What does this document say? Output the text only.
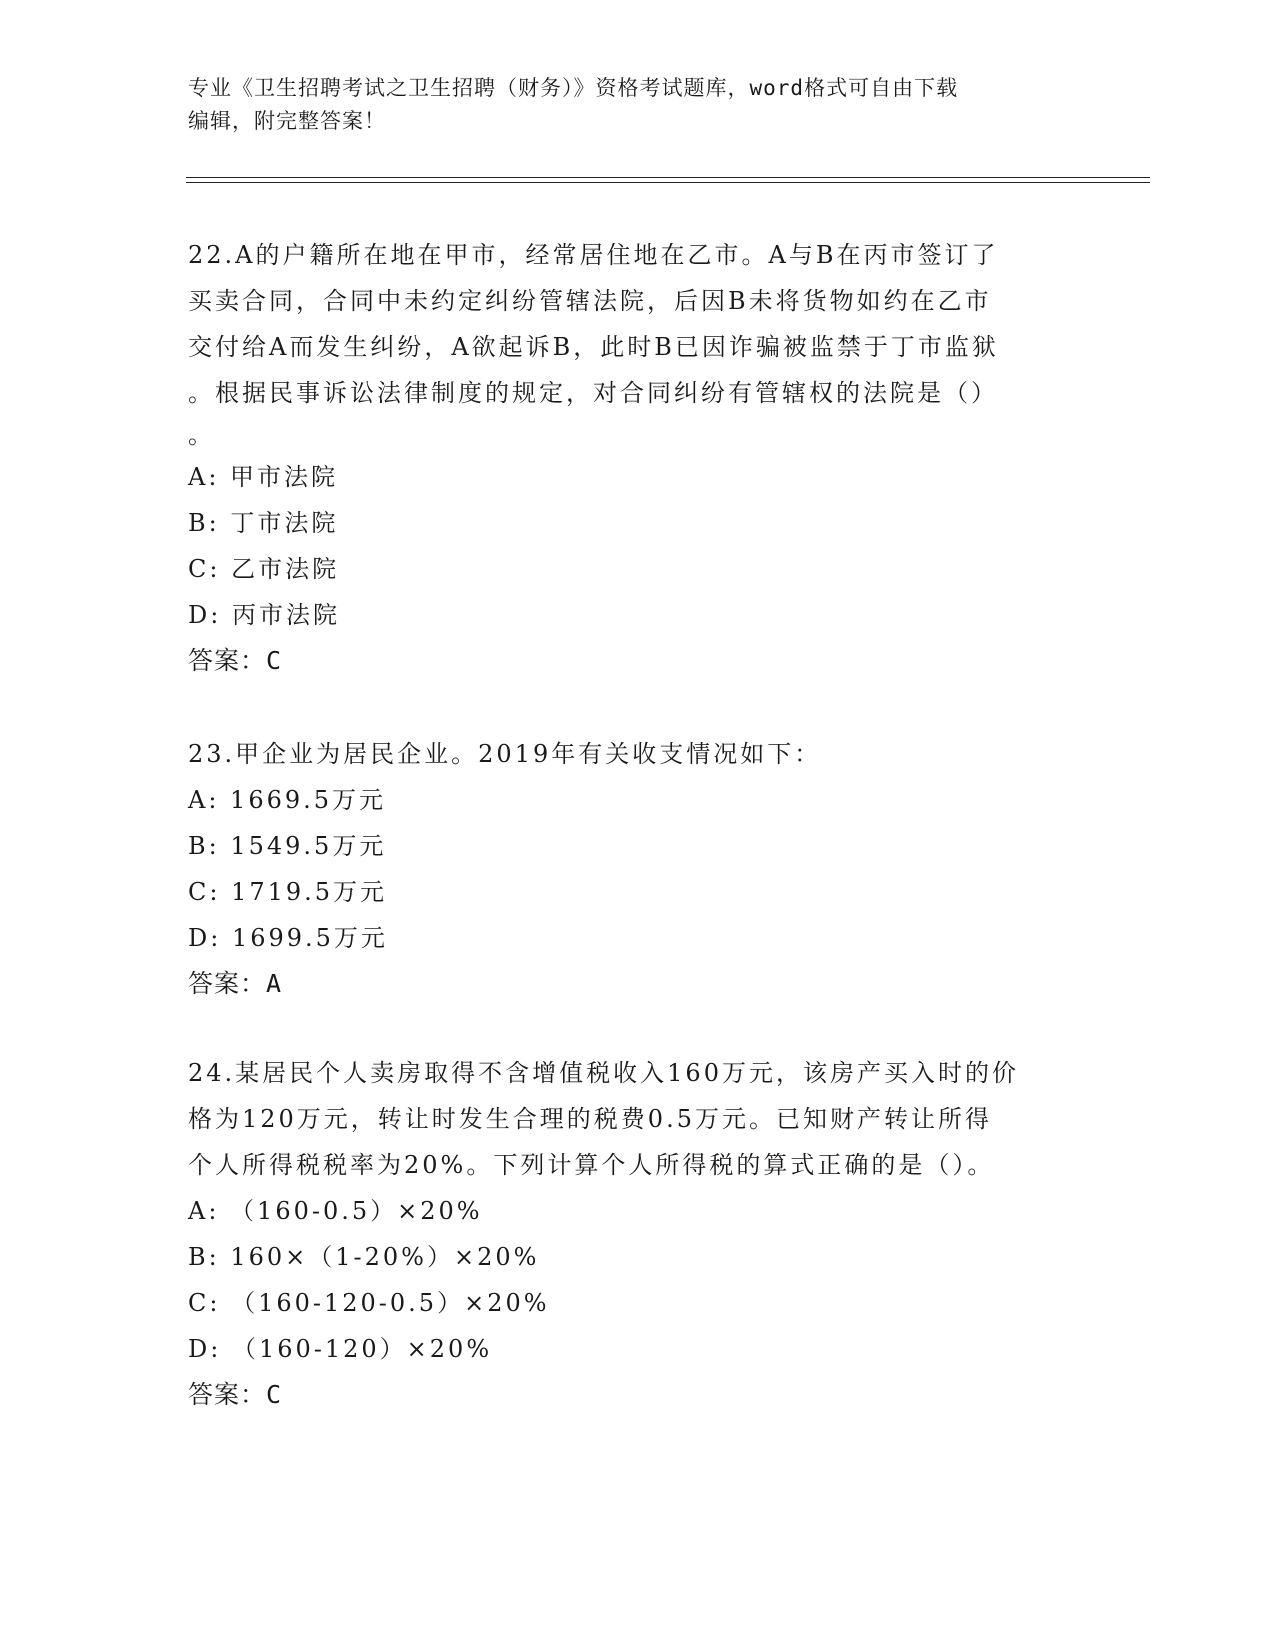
专业《卫生招聘考试之卫生招聘（财务）》资格考试题库，word格式可自由下载
编辑，附完整答案！
22.A的户籍所在地在甲市，经常居住地在乙市。A与B在丙市签订了
买卖合同，合同中未约定纠纷管辖法院，后因B未将货物如约在乙市
交付给A而发生纠纷，A欲起诉B，此时B已因诈骗被监禁于丁市监狱
。根据民事诉讼法律制度的规定，对合同纠纷有管辖权的法院是（）
。
A: 甲市法院
B: 丁市法院
C: 乙市法院
D: 丙市法院
答案：C
23.甲企业为居民企业。2019年有关收支情况如下：
A: 1669.5万元
B: 1549.5万元
C: 1719.5万元
D: 1699.5万元
答案：A
24.某居民个人卖房取得不含增值税收入160万元，该房产买入时的价
格为120万元，转让时发生合理的税费0.5万元。已知财产转让所得
个人所得税税率为20%。下列计算个人所得税的算式正确的是（）。
A: （160-0.5）×20%
B: 160×（1-20%）×20%
C: （160-120-0.5）×20%
D: （160-120）×20%
答案：C
